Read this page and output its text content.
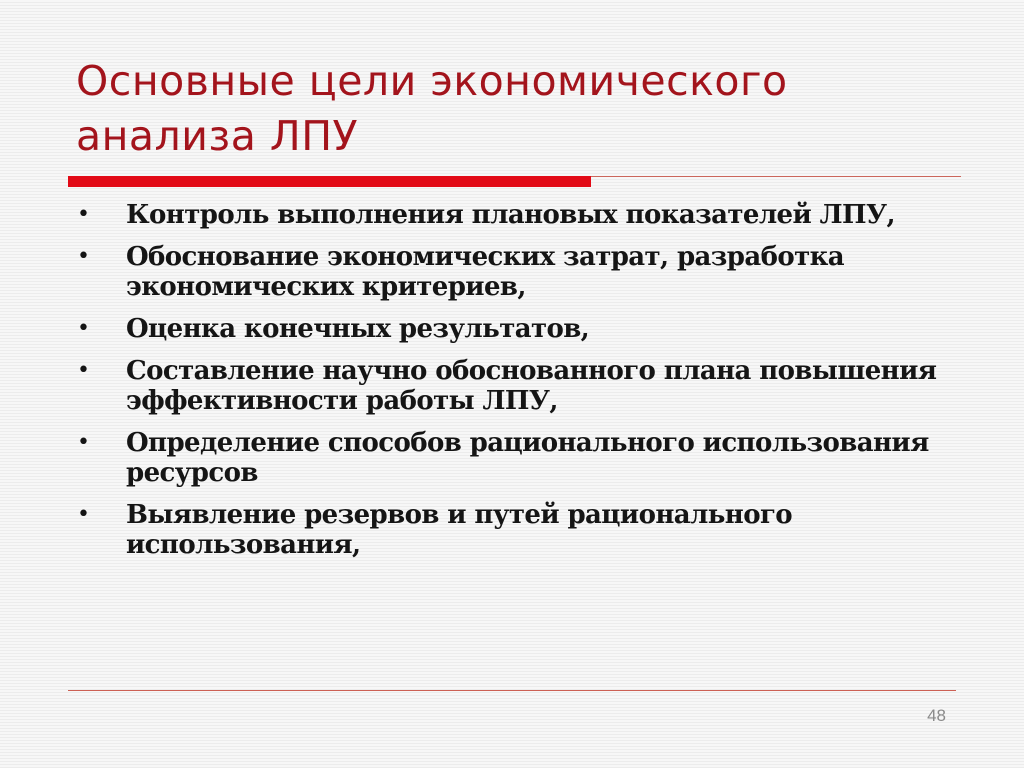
Основные цели экономического
анализа ЛПУ
• Контроль выполнения плановых показателей ЛПУ,
• Обоснование экономических затрат, разработка экономических критериев,
• Оценка конечных результатов,
• Составление научно обоснованного плана повышения эффективности работы ЛПУ,
• Определение способов рационального использования ресурсов
• Выявление резервов и путей рационального использования,
48
